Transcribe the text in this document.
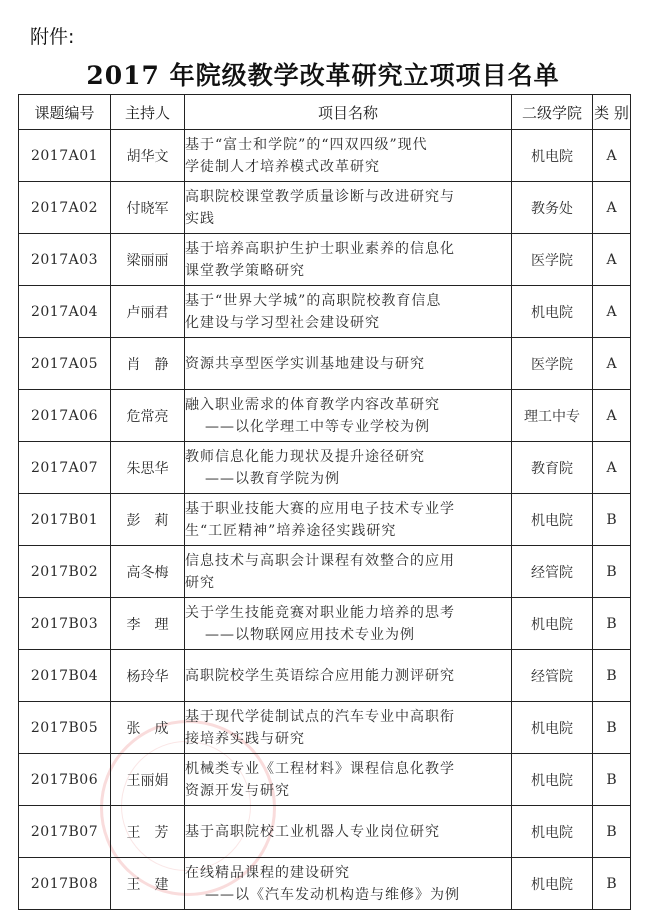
附件:
2017 年院级教学改革研究立项项目名单
课题编号	主持人	项目名称	二级学院	类 别
2017A01	胡华文	基于“富士和学院”的“四双四级”现代
学徒制人才培养模式改革研究	机电院	A
2017A02	付晓军	高职院校课堂教学质量诊断与改进研究与
实践	教务处	A
2017A03	梁丽丽	基于培养高职护生护士职业素养的信息化
课堂教学策略研究	医学院	A
2017A04	卢丽君	基于“世界大学城”的高职院校教育信息
化建设与学习型社会建设研究	机电院	A
2017A05	肖　静	资源共享型医学实训基地建设与研究	医学院	A
2017A06	危常亮	融入职业需求的体育教学内容改革研究
——以化学理工中等专业学校为例	理工中专	A
2017A07	朱思华	教师信息化能力现状及提升途径研究
——以教育学院为例	教育院	A
2017B01	彭　莉	基于职业技能大赛的应用电子技术专业学
生“工匠精神”培养途径实践研究	机电院	B
2017B02	高冬梅	信息技术与高职会计课程有效整合的应用
研究	经管院	B
2017B03	李　理	关于学生技能竞赛对职业能力培养的思考
——以物联网应用技术专业为例	机电院	B
2017B04	杨玲华	高职院校学生英语综合应用能力测评研究	经管院	B
2017B05	张　成	基于现代学徒制试点的汽车专业中高职衔
接培养实践与研究	机电院	B
2017B06	王丽娟	机械类专业《工程材料》课程信息化教学
资源开发与研究	机电院	B
2017B07	王　芳	基于高职院校工业机器人专业岗位研究	机电院	B
2017B08	王　建	在线精品课程的建设研究
——以《汽车发动机构造与维修》为例	机电院	B
